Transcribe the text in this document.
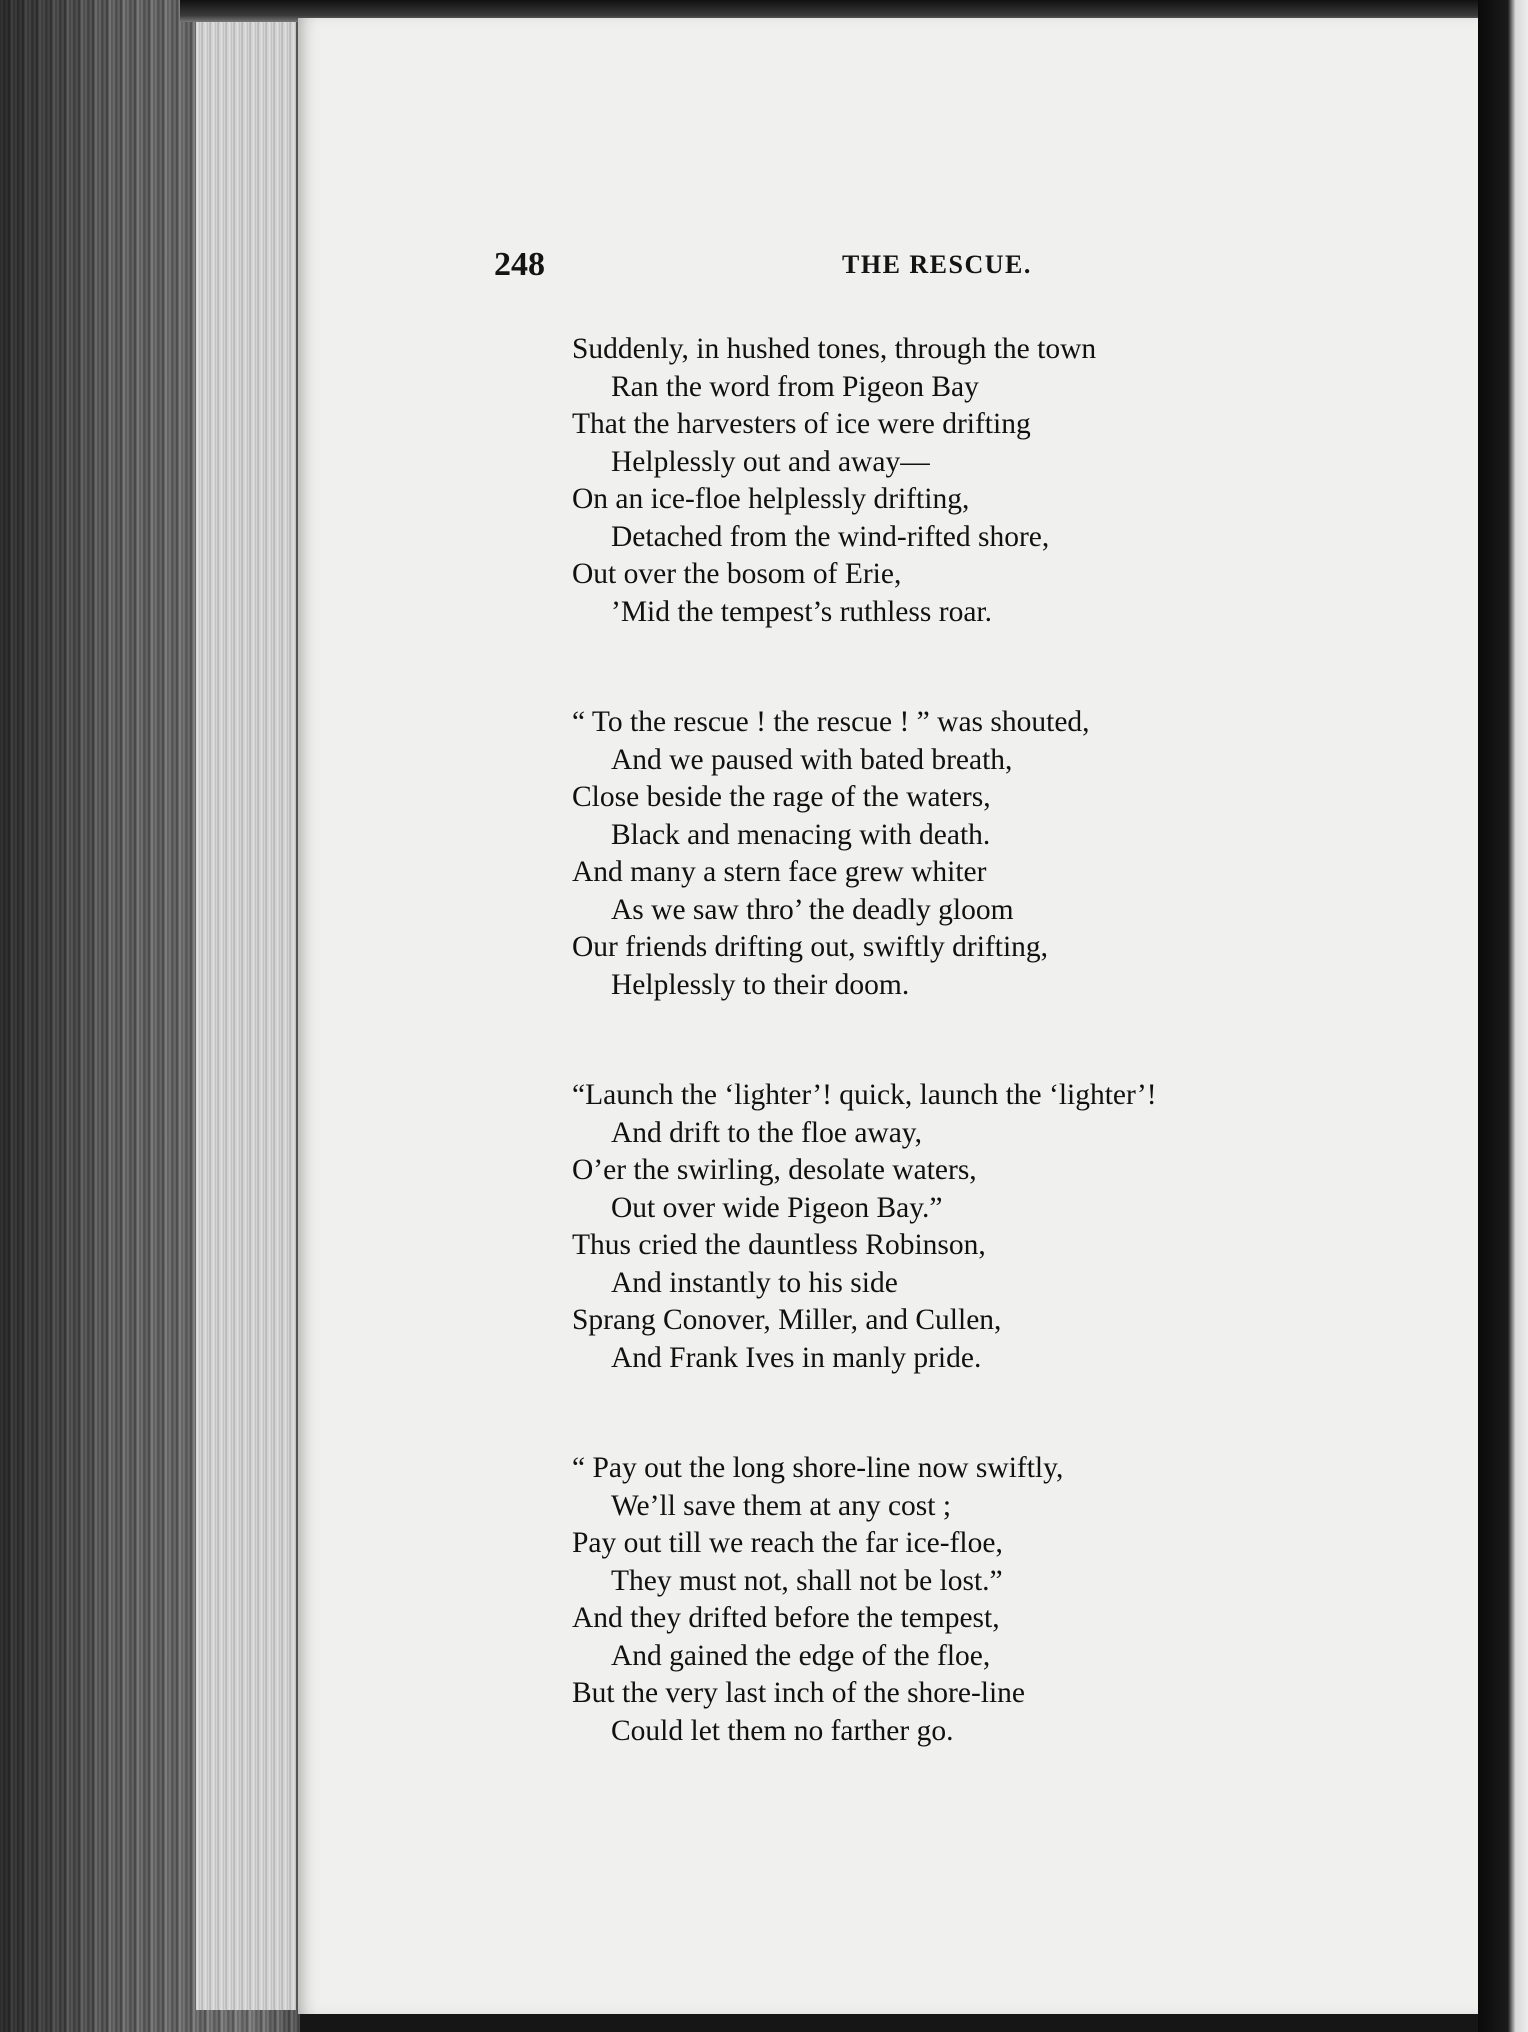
248	THE RESCUE.
Suddenly, in hushed tones, through the town
Ran the word from Pigeon Bay
That the harvesters of ice were drifting
Helplessly out and away—
On an ice-floe helplessly drifting,
Detached from the wind-rifted shore,
Out over the bosom of Erie,
’Mid the tempest’s ruthless roar.
“ To the rescue ! the rescue ! ” was shouted,
And we paused with bated breath,
Close beside the rage of the waters,
Black and menacing with death.
And many a stern face grew whiter
As we saw thro’ the deadly gloom
Our friends drifting out, swiftly drifting,
Helplessly to their doom.
“Launch the ‘lighter’! quick, launch the ‘lighter’!
And drift to the floe away,
O’er the swirling, desolate waters,
Out over wide Pigeon Bay.”
Thus cried the dauntless Robinson,
And instantly to his side
Sprang Conover, Miller, and Cullen,
And Frank Ives in manly pride.
“ Pay out the long shore-line now swiftly,
We’ll save them at any cost ;
Pay out till we reach the far ice-floe,
They must not, shall not be lost.”
And they drifted before the tempest,
And gained the edge of the floe,
But the very last inch of the shore-line
Could let them no farther go.
